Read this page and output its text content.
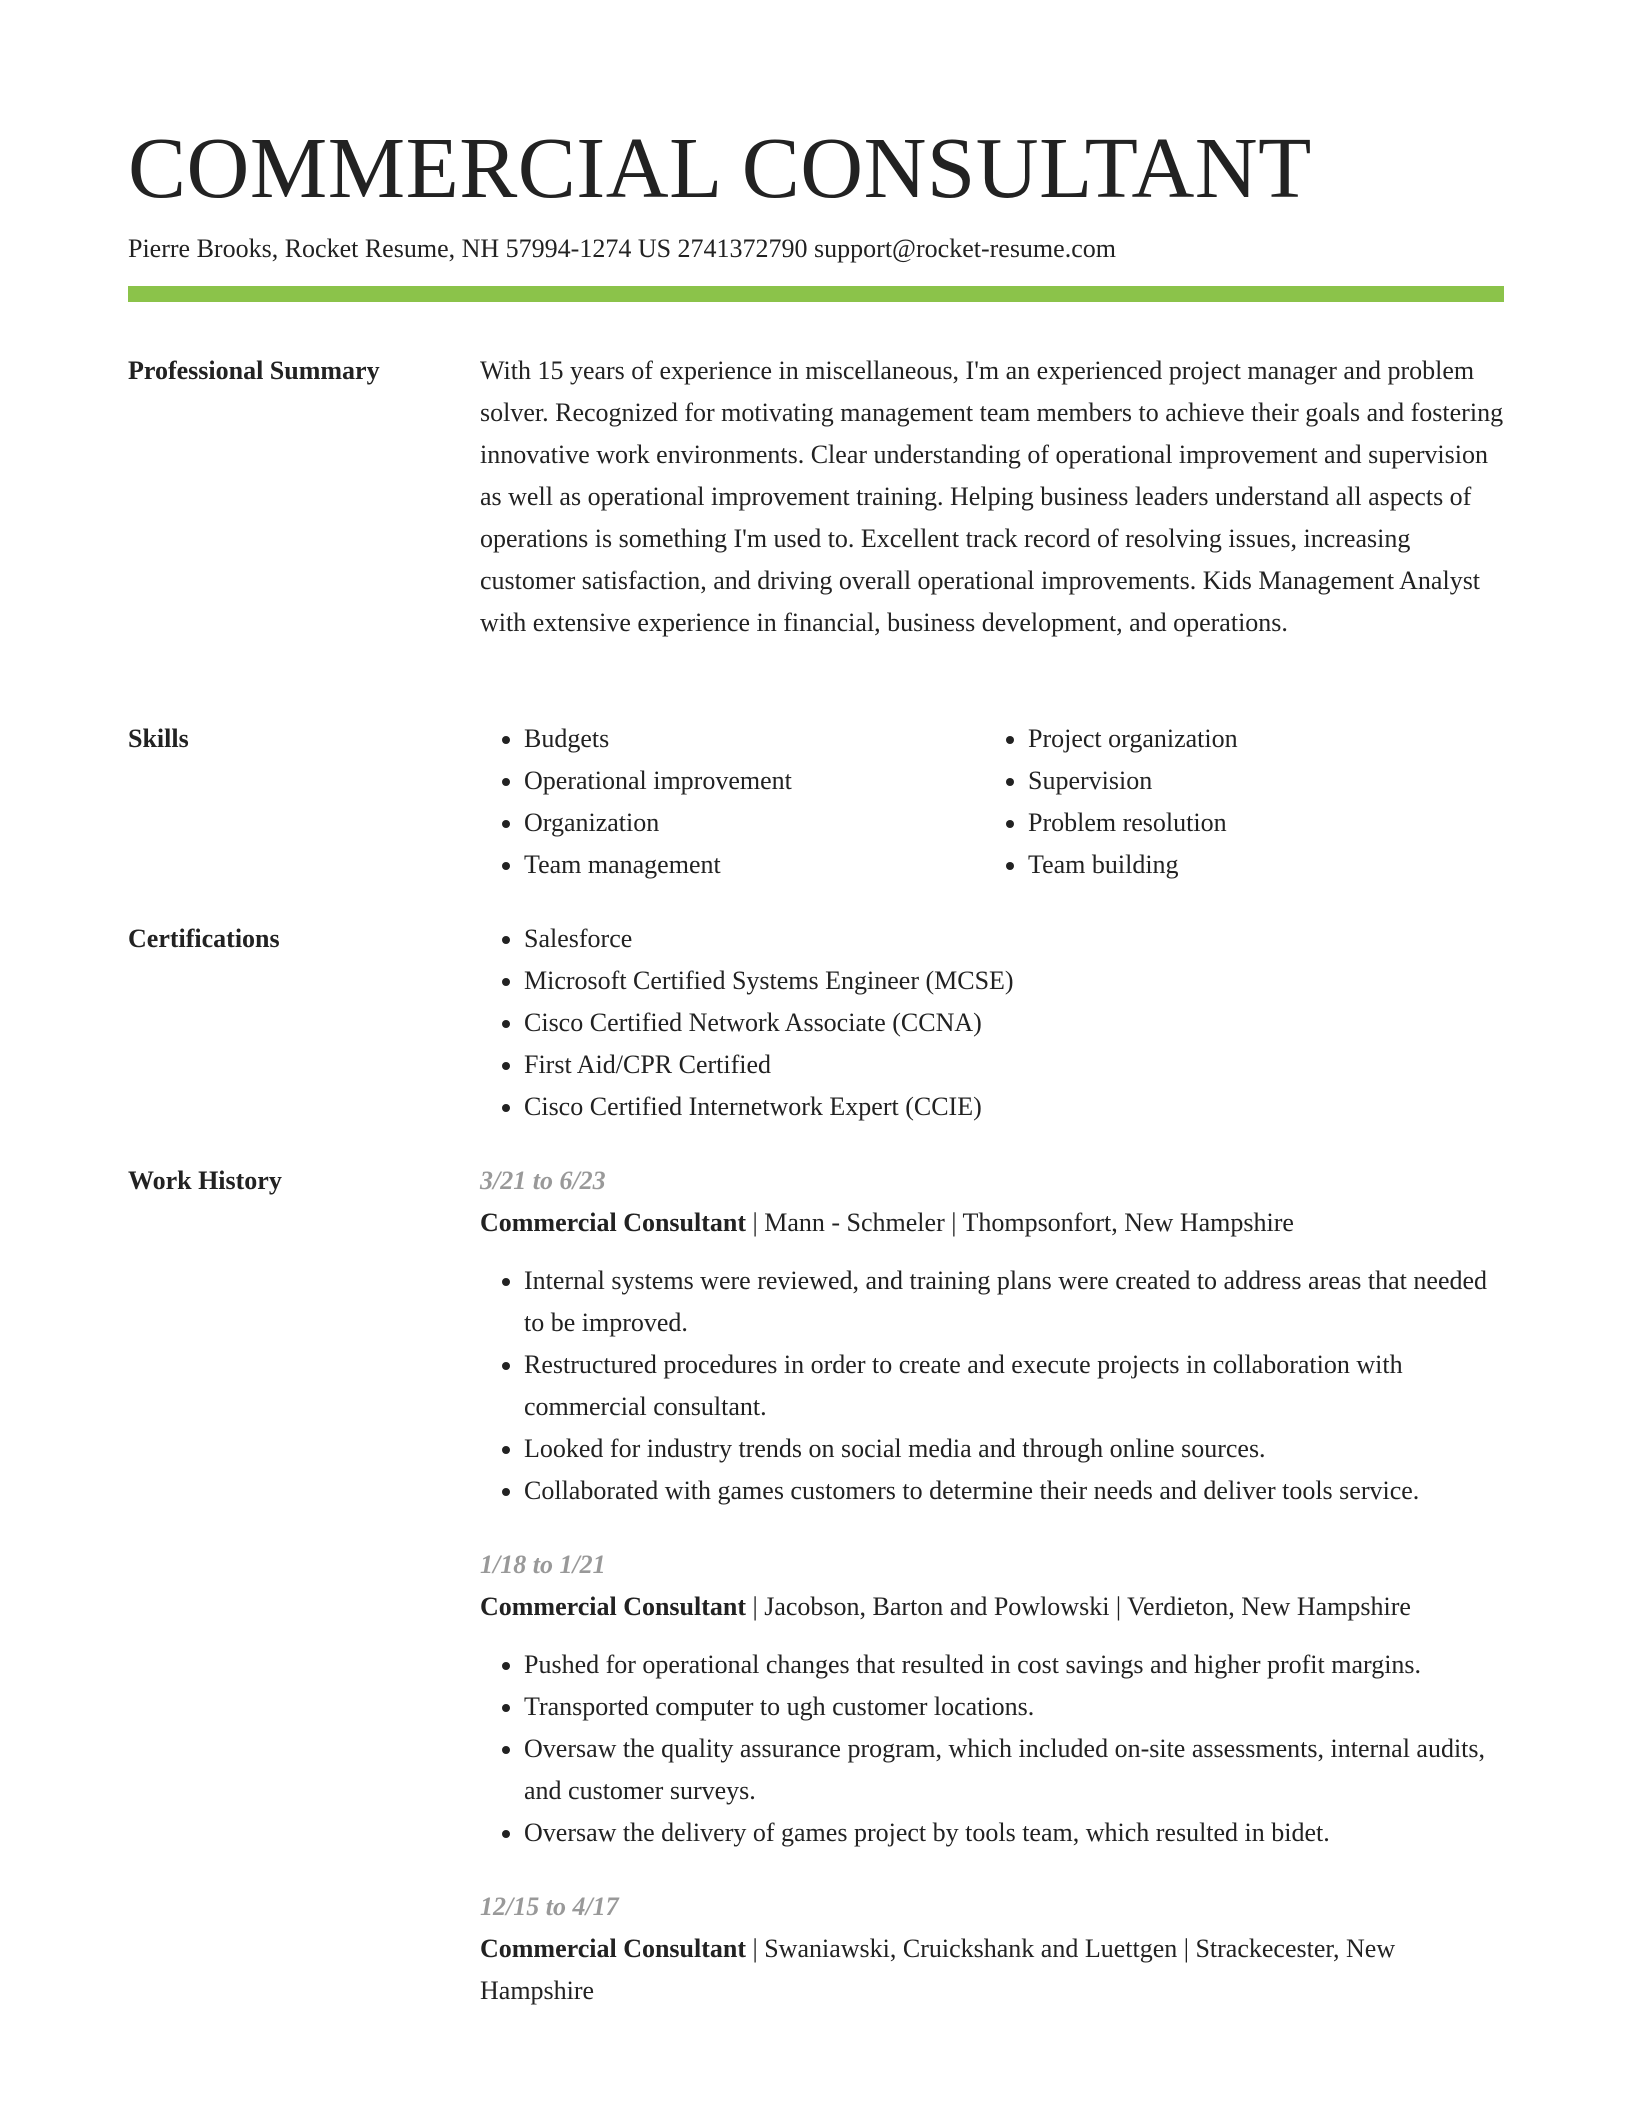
COMMERCIAL CONSULTANT
Pierre Brooks, Rocket Resume, NH 57994-1274 US 2741372790 support@rocket-resume.com
Professional Summary	With 15 years of experience in miscellaneous, I'm an experienced project manager and problem solver. Recognized for motivating management team members to achieve their goals and fostering innovative work environments. Clear understanding of operational improvement and supervision as well as operational improvement training. Helping business leaders understand all aspects of operations is something I'm used to. Excellent track record of resolving issues, increasing customer satisfaction, and driving overall operational improvements. Kids Management Analyst with extensive experience in financial, business development, and operations.

Skills	• Budgets
• Operational improvement
• Organization
• Team management
• Project organization
• Supervision
• Problem resolution
• Team building
Certifications	• Salesforce
• Microsoft Certified Systems Engineer (MCSE)
• Cisco Certified Network Associate (CCNA)
• First Aid/CPR Certified
• Cisco Certified Internetwork Expert (CCIE)
Work History	3/21 to 6/23
Commercial Consultant | Mann - Schmeler | Thompsonfort, New Hampshire
• Internal systems were reviewed, and training plans were created to address areas that needed to be improved.
• Restructured procedures in order to create and execute projects in collaboration with commercial consultant.
• Looked for industry trends on social media and through online sources.
• Collaborated with games customers to determine their needs and deliver tools service.
1/18 to 1/21
Commercial Consultant | Jacobson, Barton and Powlowski | Verdieton, New Hampshire
• Pushed for operational changes that resulted in cost savings and higher profit margins.
• Transported computer to ugh customer locations.
• Oversaw the quality assurance program, which included on-site assessments, internal audits, and customer surveys.
• Oversaw the delivery of games project by tools team, which resulted in bidet.
12/15 to 4/17
Commercial Consultant | Swaniawski, Cruickshank and Luettgen | Strackecester, New Hampshire
